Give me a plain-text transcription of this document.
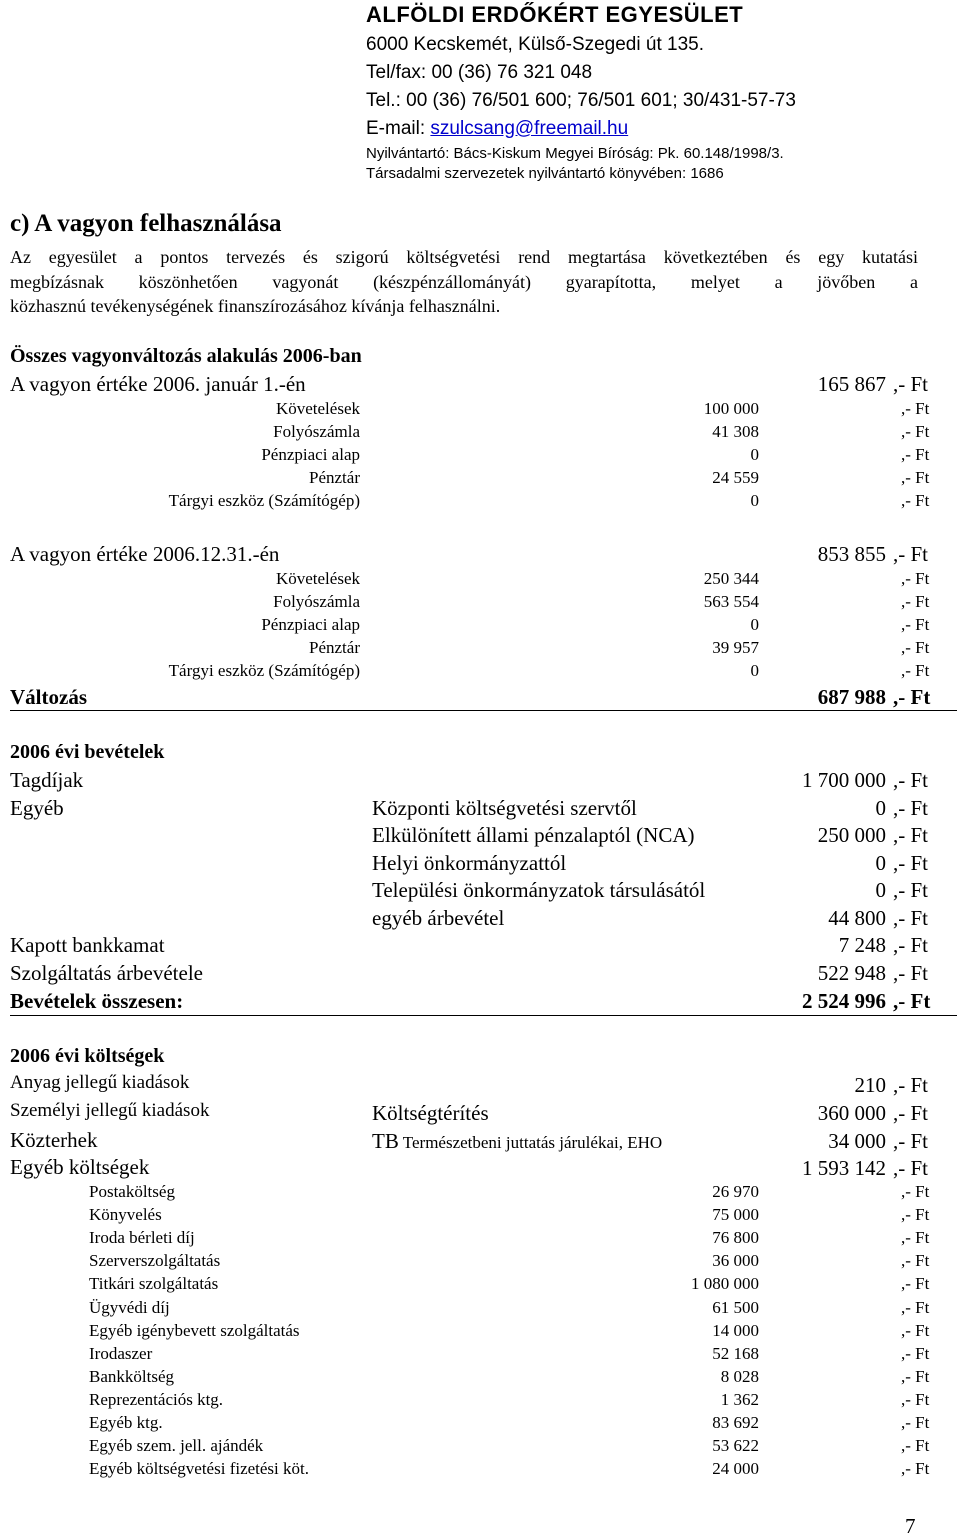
ALFÖLDI ERDŐKÉRT EGYESÜLET
6000 Kecskemét, Külső-Szegedi út 135.
Tel/fax: 00 (36) 76 321 048
Tel.: 00 (36) 76/501 600; 76/501 601; 30/431-57-73
E-mail: szulcsang@freemail.hu
Nyilvántartó: Bács-Kiskum Megyei Bíróság: Pk. 60.148/1998/3.
Társadalmi szervezetek nyilvántartó könyvében: 1686
c) A vagyon felhasználása
Az egyesület a pontos tervezés és szigorú költségvetési rend megtartása következtében és egy kutatási
megbízásnak köszönhetően vagyonát (készpénzállományát) gyarapította, melyet a jövőben a
közhasznú tevékenységének finanszírozásához kívánja felhasználni.
Összes vagyonváltozás alakulás 2006-ban
A vagyon értéke 2006. január 1.-én	165 867 ,- Ft
Követelések	100 000	,- Ft
Folyószámla	41 308	,- Ft
Pénzpiaci alap	0	,- Ft
Pénztár	24 559	,- Ft
Tárgyi eszköz (Számítógép)	0	,- Ft
A vagyon értéke 2006.12.31.-én	853 855 ,- Ft
Követelések	250 344	,- Ft
Folyószámla	563 554	,- Ft
Pénzpiaci alap	0	,- Ft
Pénztár	39 957	,- Ft
Tárgyi eszköz (Számítógép)	0	,- Ft
Változás	687 988 ,- Ft
2006 évi bevételek
Tagdíjak	1 700 000 ,- Ft
Egyéb	Központi költségvetési szervtől	0 ,- Ft
Elkülönített állami pénzalaptól (NCA)	250 000 ,- Ft
Helyi önkormányzattól	0 ,- Ft
Települési önkormányzatok társulásától	0 ,- Ft
egyéb árbevétel	44 800 ,- Ft
Kapott bankkamat	7 248 ,- Ft
Szolgáltatás árbevétele	522 948 ,- Ft
Bevételek összesen:	2 524 996 ,- Ft
2006 évi költségek
Anyag jellegű kiadások	210 ,- Ft
Személyi jellegű kiadások	Költségtérítés	360 000 ,- Ft
Közterhek	TB Természetbeni juttatás járulékai, EHO	34 000 ,- Ft
Egyéb költségek	1 593 142 ,- Ft
Postaköltség	26 970	,- Ft
Könyvelés	75 000	,- Ft
Iroda bérleti díj	76 800	,- Ft
Szerverszolgáltatás	36 000	,- Ft
Titkári szolgáltatás	1 080 000	,- Ft
Ügyvédi díj	61 500	,- Ft
Egyéb igénybevett szolgáltatás	14 000	,- Ft
Irodaszer	52 168	,- Ft
Bankköltség	8 028	,- Ft
Reprezentációs ktg.	1 362	,- Ft
Egyéb ktg.	83 692	,- Ft
Egyéb szem. jell. ajándék	53 622	,- Ft
Egyéb költségvetési fizetési köt.	24 000	,- Ft
7
